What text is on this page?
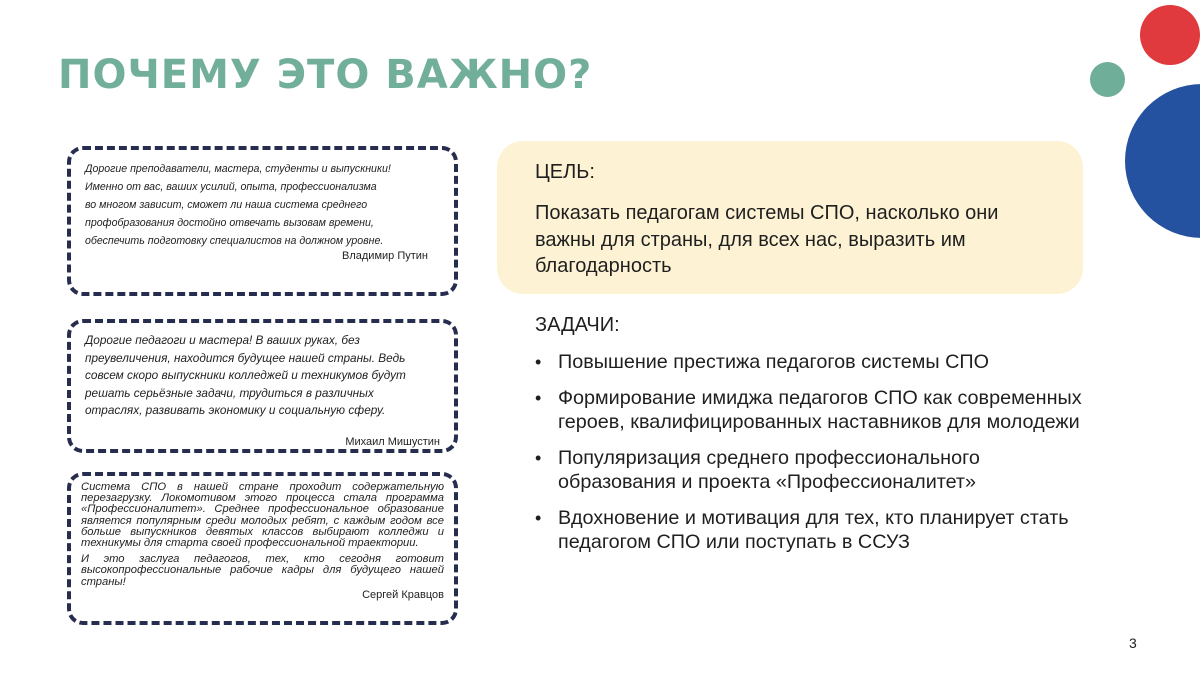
ПОЧЕМУ ЭТО ВАЖНО?
Дорогие преподаватели, мастера, студенты и выпускники!
Именно от вас, ваших усилий, опыта, профессионализма
во многом зависит, сможет ли наша система среднего
профобразования достойно отвечать вызовам времени,
обеспечить подготовку специалистов на должном уровне.
Владимир Путин
Дорогие педагоги и мастера! В ваших руках, без
преувеличения, находится будущее нашей страны. Ведь
совсем скоро выпускники колледжей и техникумов будут
решать серьёзные задачи, трудиться в различных
отраслях, развивать экономику и социальную сферу.
Михаил Мишустин
Система СПО в нашей стране проходит содержательную перезагрузку. Локомотивом этого процесса стала программа «Профессионалитет». Среднее профессиональное образование является популярным среди молодых ребят, с каждым годом все больше выпускников девятых классов выбирают колледжи и техникумы для старта своей профессиональной траектории.
И это заслуга педагогов, тех, кто сегодня готовит высокопрофессиональные рабочие кадры для будущего нашей страны!
Сергей Кравцов
ЦЕЛЬ:
Показать педагогам системы СПО, насколько они важны для страны, для всех нас, выразить им благодарность
ЗАДАЧИ:
• Повышение престижа педагогов системы СПО
• Формирование имиджа педагогов СПО как современных героев, квалифицированных наставников для молодежи
• Популяризация среднего профессионального образования и проекта «Профессионалитет»
• Вдохновение и мотивация для тех, кто планирует стать педагогом СПО или поступать в ССУЗ
3
